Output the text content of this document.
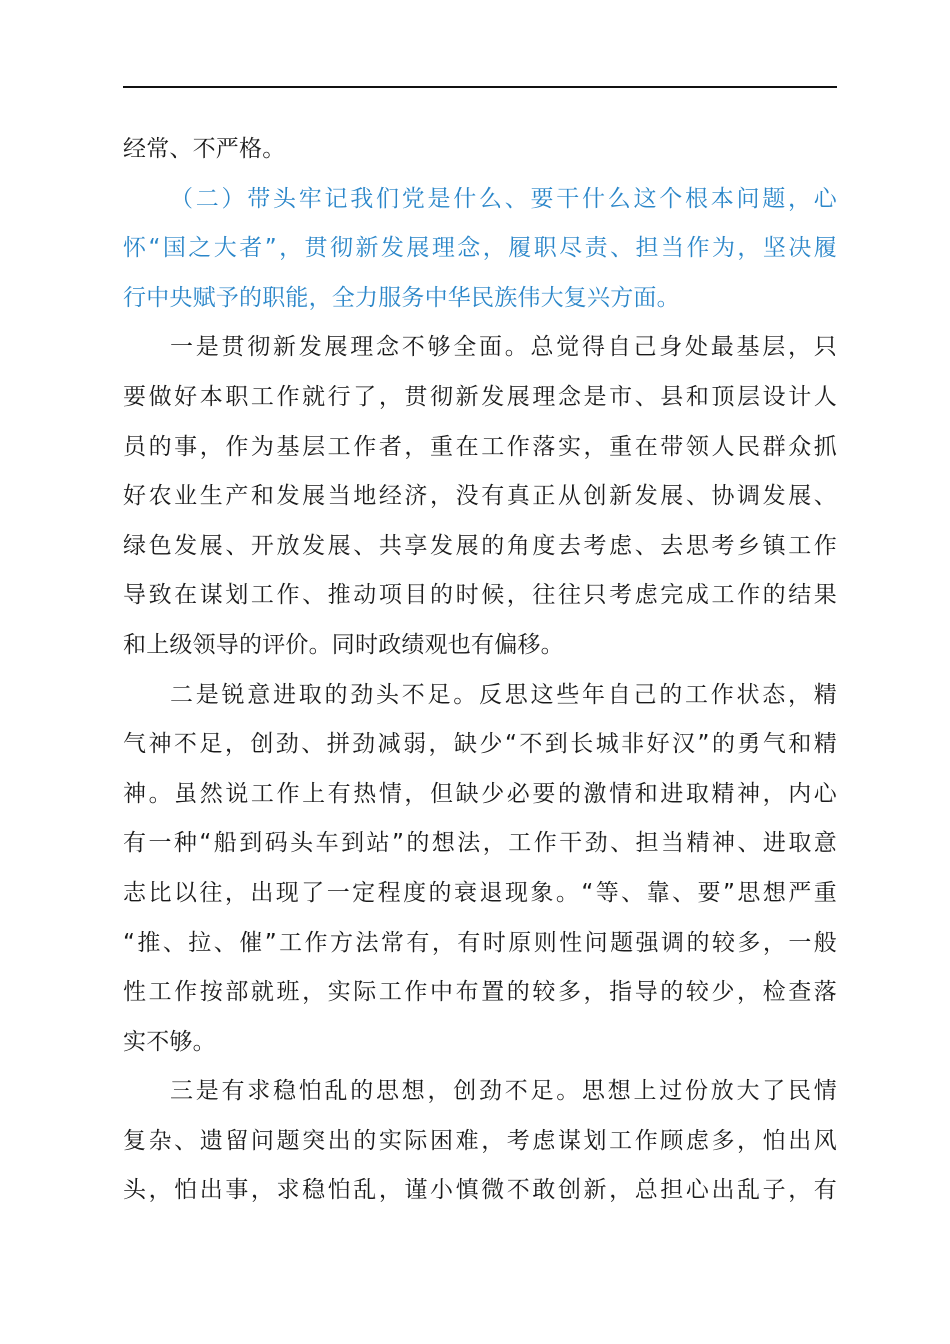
经常、不严格。
（二）带头牢记我们党是什么、要干什么这个根本问题，心
怀“国之大者”，贯彻新发展理念，履职尽责、担当作为，坚决履
行中央赋予的职能，全力服务中华民族伟大复兴方面。
一是贯彻新发展理念不够全面。总觉得自己身处最基层，只
要做好本职工作就行了，贯彻新发展理念是市、县和顶层设计人
员的事，作为基层工作者，重在工作落实，重在带领人民群众抓
好农业生产和发展当地经济，没有真正从创新发展、协调发展、
绿色发展、开放发展、共享发展的角度去考虑、去思考乡镇工作
导致在谋划工作、推动项目的时候，往往只考虑完成工作的结果
和上级领导的评价。同时政绩观也有偏移。
二是锐意进取的劲头不足。反思这些年自己的工作状态，精
气神不足，创劲、拼劲减弱，缺少“不到长城非好汉”的勇气和精
神。虽然说工作上有热情，但缺少必要的激情和进取精神，内心
有一种“船到码头车到站”的想法，工作干劲、担当精神、进取意
志比以往，出现了一定程度的衰退现象。“等、靠、要”思想严重
“推、拉、催”工作方法常有，有时原则性问题强调的较多，一般
性工作按部就班，实际工作中布置的较多，指导的较少，检查落
实不够。
三是有求稳怕乱的思想，创劲不足。思想上过份放大了民情
复杂、遗留问题突出的实际困难，考虑谋划工作顾虑多，怕出风
头，怕出事，求稳怕乱，谨小慎微不敢创新，总担心出乱子，有
